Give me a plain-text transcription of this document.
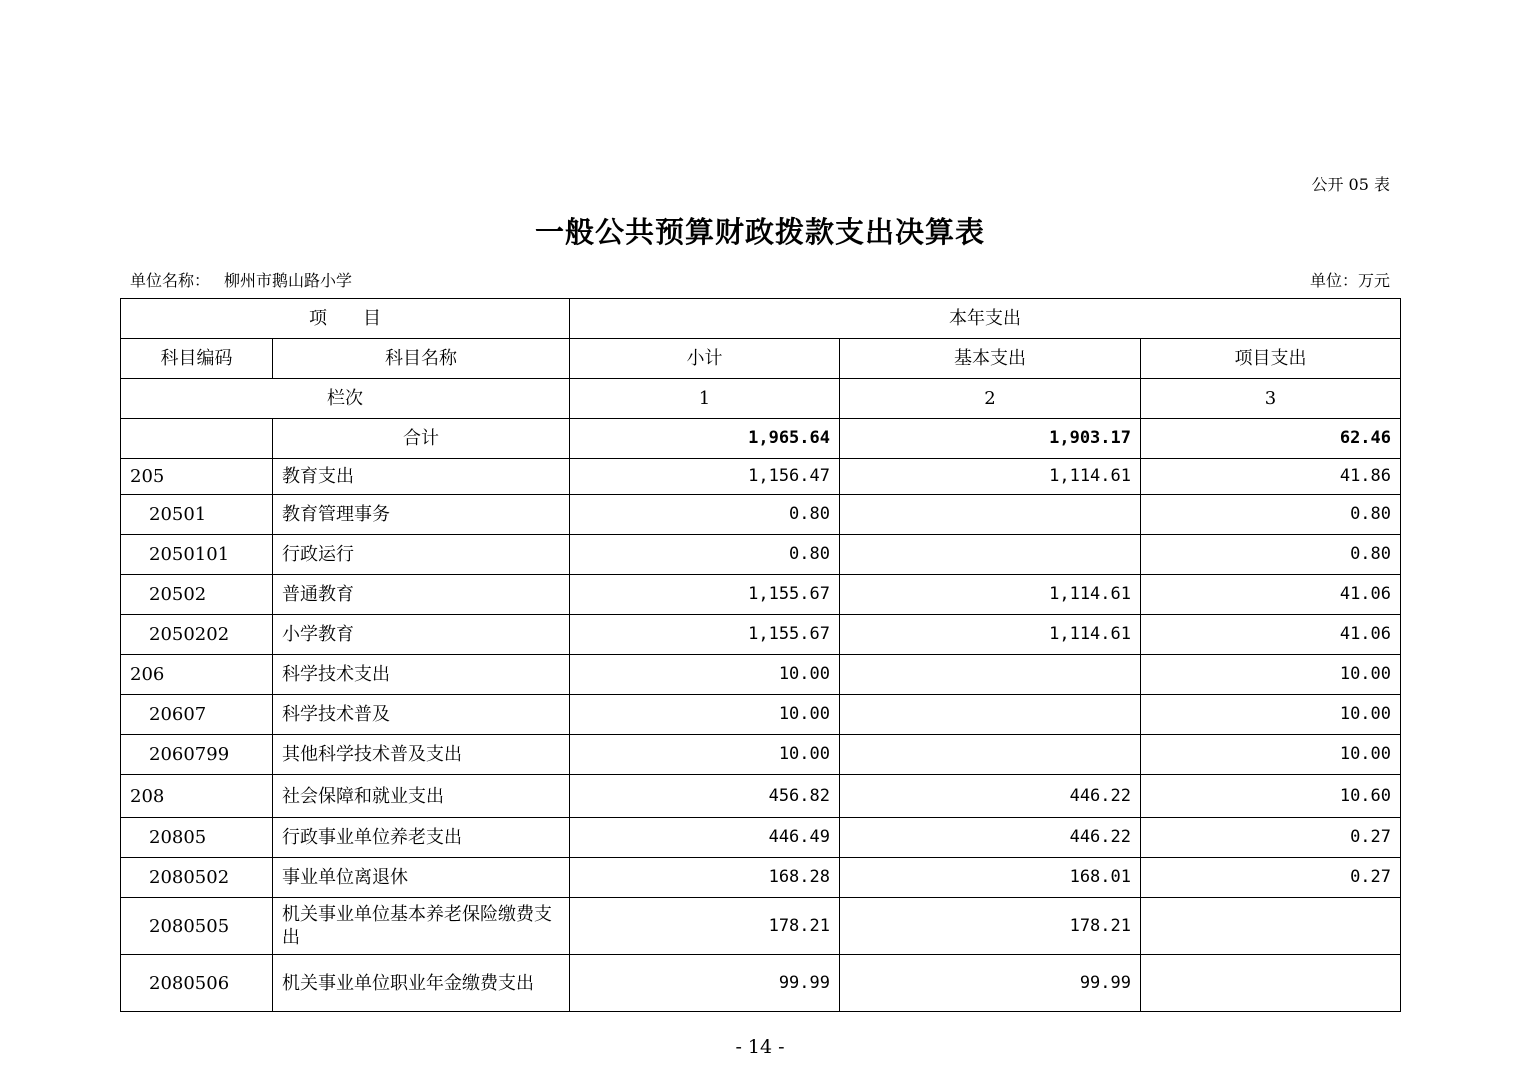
公开 05 表
一般公共预算财政拨款支出决算表
单位名称： 柳州市鹅山路小学	单位：万元
项　　目		本年支出		
科目编码	科目名称	小计	基本支出	项目支出
栏次		1	2	3
	合计	1,965.64	1,903.17	62.46
205	教育支出	1,156.47	1,114.61	41.86
20501	教育管理事务	0.80		0.80
2050101	行政运行	0.80		0.80
20502	普通教育	1,155.67	1,114.61	41.06
2050202	小学教育	1,155.67	1,114.61	41.06
206	科学技术支出	10.00		10.00
20607	科学技术普及	10.00		10.00
2060799	其他科学技术普及支出	10.00		10.00
208	社会保障和就业支出	456.82	446.22	10.60
20805	行政事业单位养老支出	446.49	446.22	0.27
2080502	事业单位离退休	168.28	168.01	0.27
2080505	机关事业单位基本养老保险缴费支出	178.21	178.21	
2080506	机关事业单位职业年金缴费支出	99.99	99.99	
- 14 -
